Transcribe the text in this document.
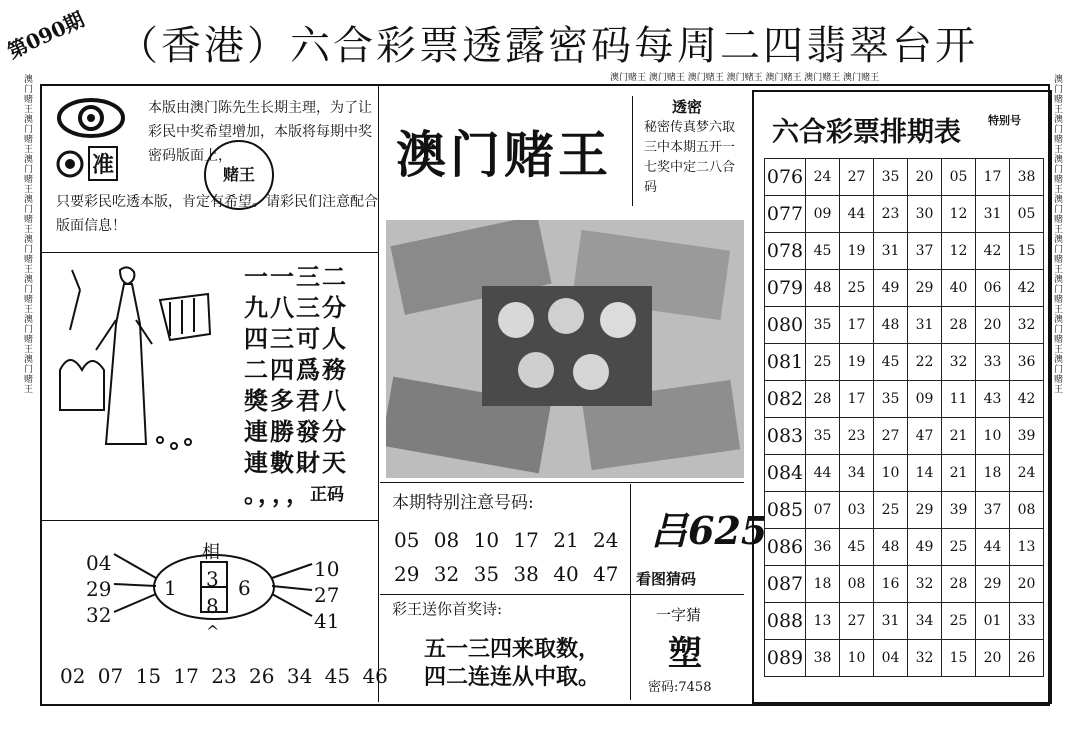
第090期 （香港）六合彩票透露密码每周二四翡翠台开
澳门赌王澳门赌王澳门赌王澳门赌王澳门赌王澳门赌王澳门赌王澳门赌王	澳门赌王澳门赌王澳门赌王澳门赌王澳门赌王澳门赌王澳门赌王澳门赌王
澳门赌王 澳门赌王 澳门赌王 澳门赌王 澳门赌王 澳门赌王 澳门赌王
准
本版由澳门陈先生长期主理，为了让彩民中奖希望增加，本版将每期中奖密码版面上，
只要彩民吃透本版，肯定有希望。请彩民们注意配合版面信息！
赌王
一一三二
九八三分
四三可人
二四爲務
獎多君八
連勝發分
連數財天
。，，，
正码
相
04
29
32
1 3
8
6
10
27
41
^
02 07 15 17 23 26 34 45 46
澳门赌王
透密
秘密传真梦六取三中本期五开一七奖中定二八合码
本期特别注意号码:
05 08 10 17 21 24
29 32 35 38 40 47
吕625
看图猜码
彩王送你首奖诗:
五一三四来取数，
四二连连从中取。
一字猜
塑
密码:7458
六合彩票排期表 特别号
076	24	27	35	20	05	17	38
077	09	44	23	30	12	31	05
078	45	19	31	37	12	42	15
079	48	25	49	29	40	06	42
080	35	17	48	31	28	20	32
081	25	19	45	22	32	33	36
082	28	17	35	09	11	43	42
083	35	23	27	47	21	10	39
084	44	34	10	14	21	18	24
085	07	03	25	29	39	37	08
086	36	45	48	49	25	44	13
087	18	08	16	32	28	29	20
088	13	27	31	34	25	01	33
089	38	10	04	32	15	20	26
